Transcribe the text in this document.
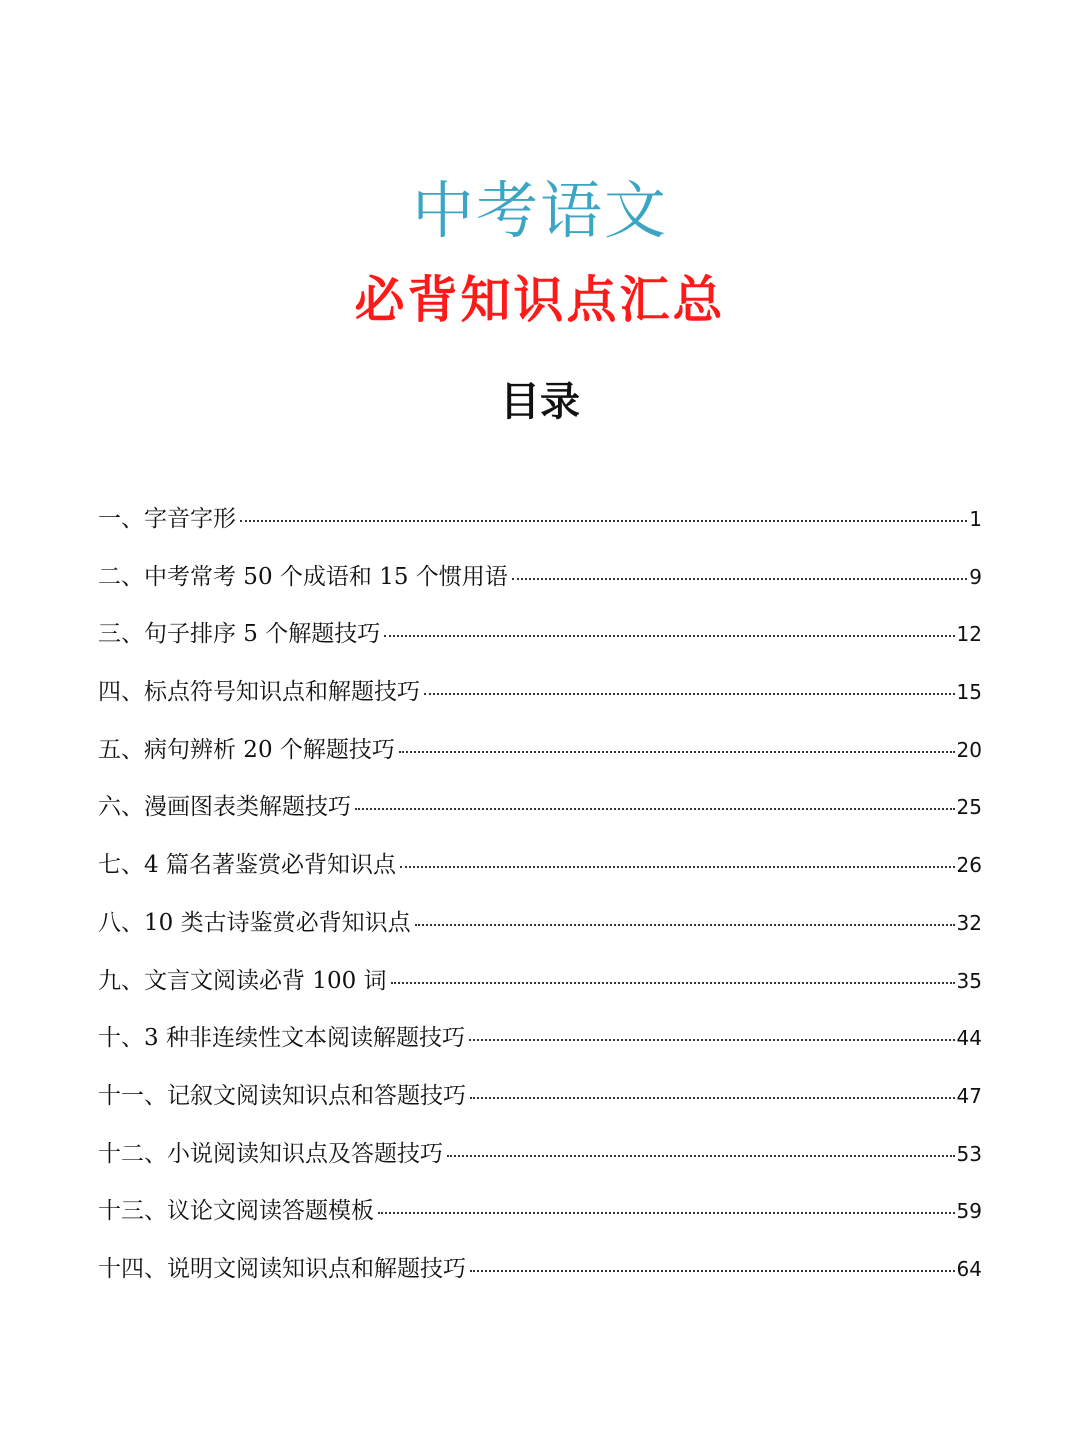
中考语文
必背知识点汇总
目录
一、字音字形	1
二、中考常考 50 个成语和 15 个惯用语	9
三、句子排序 5 个解题技巧	12
四、标点符号知识点和解题技巧	15
五、病句辨析 20 个解题技巧	20
六、漫画图表类解题技巧	25
七、4 篇名著鉴赏必背知识点	26
八、10 类古诗鉴赏必背知识点	32
九、文言文阅读必背 100 词	35
十、3 种非连续性文本阅读解题技巧	44
十一、记叙文阅读知识点和答题技巧	47
十二、小说阅读知识点及答题技巧	53
十三、议论文阅读答题模板	59
十四、说明文阅读知识点和解题技巧	64
